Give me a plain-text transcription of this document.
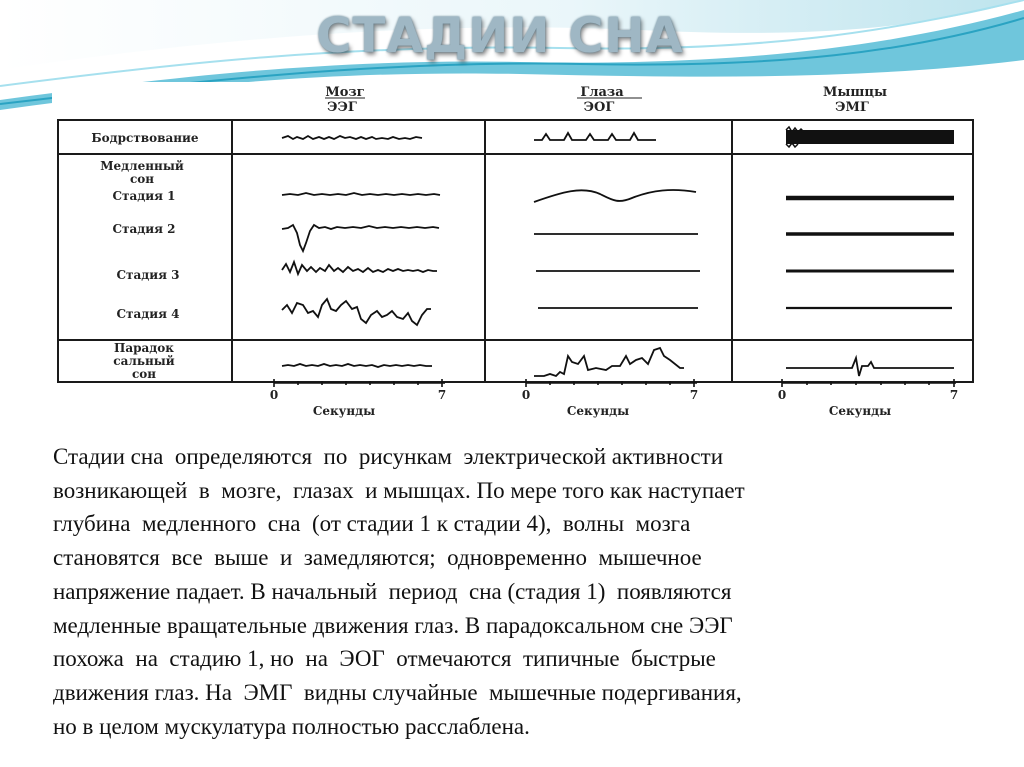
СТАДИИ СНА
Мозг
ЭЭГ
Глаза
ЭОГ
Мышцы
ЭМГ
Бодрствование
Медленный
сон
Стадия 1
Стадия 2
Стадия 3
Стадия 4
Парадок
сальный
сон
0	7
Секунды
0	7
Секунды
0	7
Секунды
Стадии сна  определяются  по  рисункам  электрической активности
возникающей  в  мозге,  глазах  и мышцах. По мере того как наступает
глубина  медленного  сна  (от стадии 1 к стадии 4),  волны  мозга
становятся  все  выше  и  замедляются;  одновременно  мышечное
напряжение падает. В начальный  период  сна (стадия 1)  появляются
медленные вращательные движения глаз. В парадоксальном сне ЭЭГ
похожа  на  стадию 1, но  на  ЭОГ  отмечаются  типичные  быстрые
движения глаз. На  ЭМГ  видны случайные  мышечные подергивания,
но в целом мускулатура полностью расслаблена.
